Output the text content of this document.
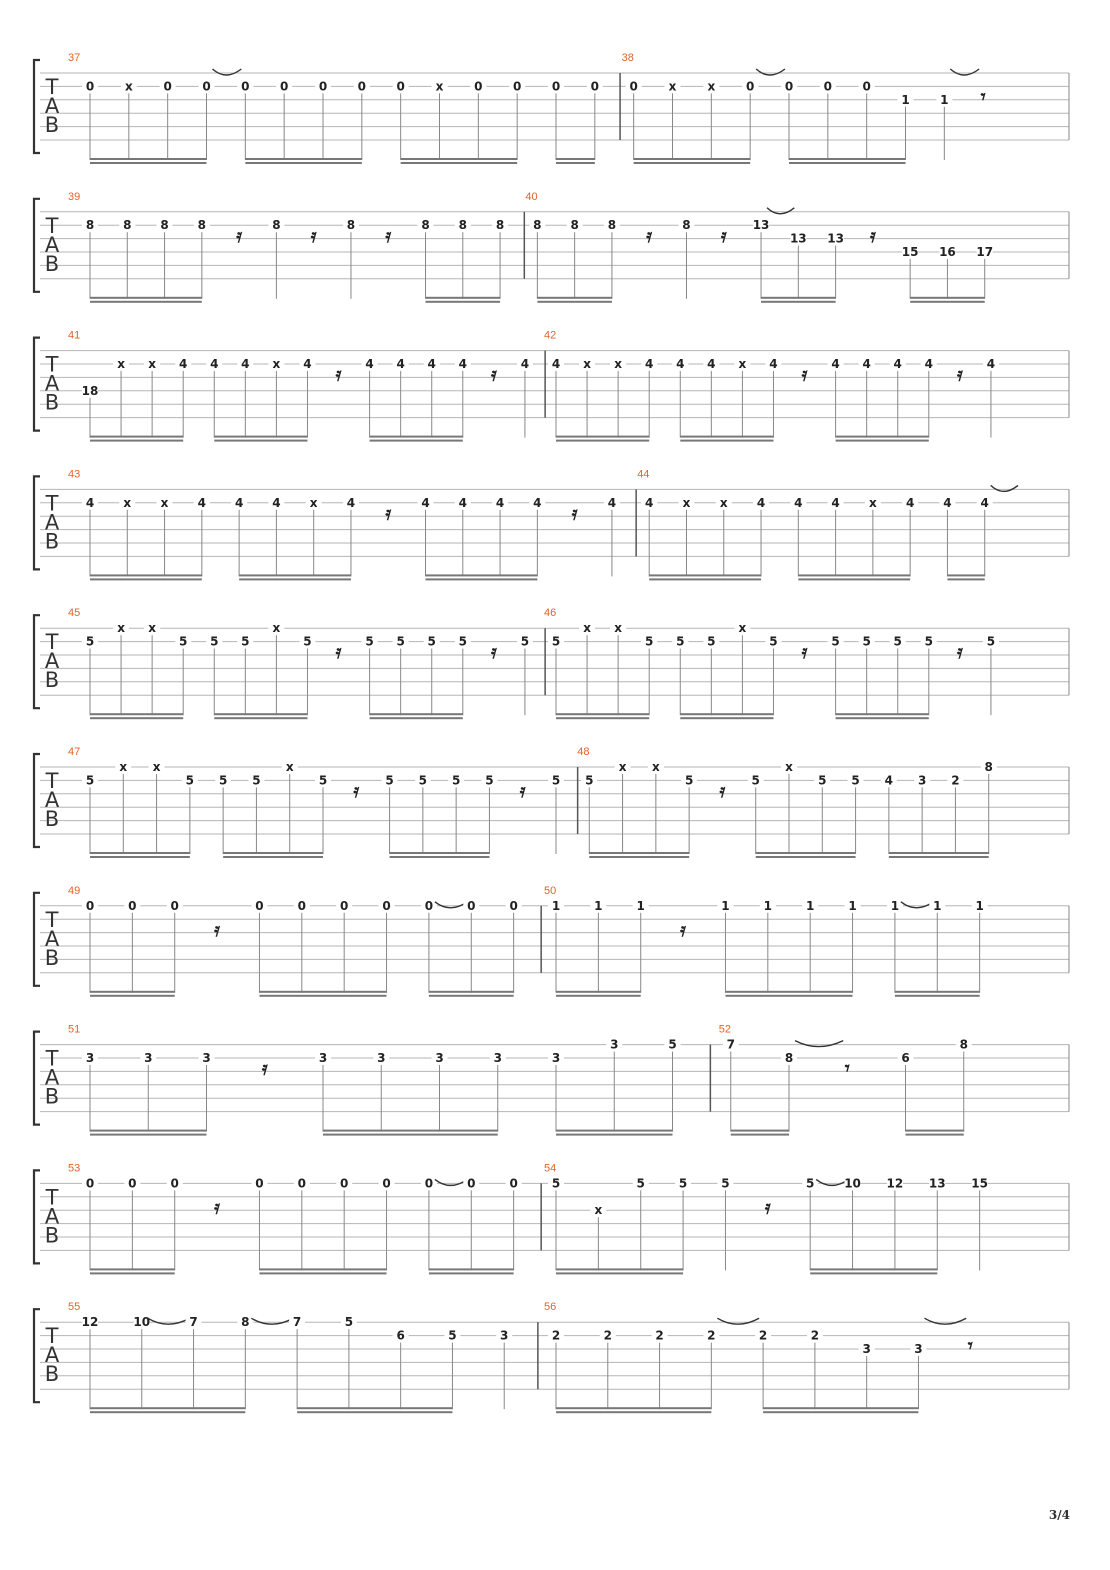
T
A
B
37
0	x	0	0	0	0	0	0	0	x	0	0	0	0
38
0	x	x	0	0	0	0
1	1 𝄾
T
A
B
39
8 8 8 8 𝄿	8 𝄿	8 𝄿	8 8 8
40
8 8 8 𝄿	8 𝄿 13
13 13 𝄿
15 16 17
T
A
B
41
18
x x 4 4 4 x 4 𝄿 4 4 4 4 𝄿 4
42
4 x x 4 4 4 x 4 𝄿 4 4 4 4 𝄿 4
T
A
B
43
4 x x 4 4 4 x 4 𝄿	4 4 4 4 𝄿	4
44
4 x x 4 4 4 x 4 4 4
T
A
B
45
5
x x
5 5 5
x
5 𝄿 5 5 5 5 𝄿 5
46
5
x x
5 5 5
x
5 𝄿 5 5 5 5 𝄿 5
T
A
B
47
5
x x
5 5 5
x
5 𝄿 5 5 5 5 𝄿 5
48
5
x x
5 𝄿 5
x
5 5 4 3 2
8
T
A
B
49
0	0	0
𝄿
0	0	0	0	0	0	0
50
1	1	1
𝄿
1	1	1	1	1	1	1
T
A
B
51
3	3	3	𝄿	3	3	3	3	3
3	5
52
7
8	𝄾	6
8
T
A
B
53
0	0	0
𝄿
0	0	0	0	0	0	0
54
5
x
5	5	5
𝄿
5 10 12 13 15
T
A
B
55
12	10	7	8	7	5
6	5	3
56
2	2	2	2	2	2
3	3 𝄾
3/4
